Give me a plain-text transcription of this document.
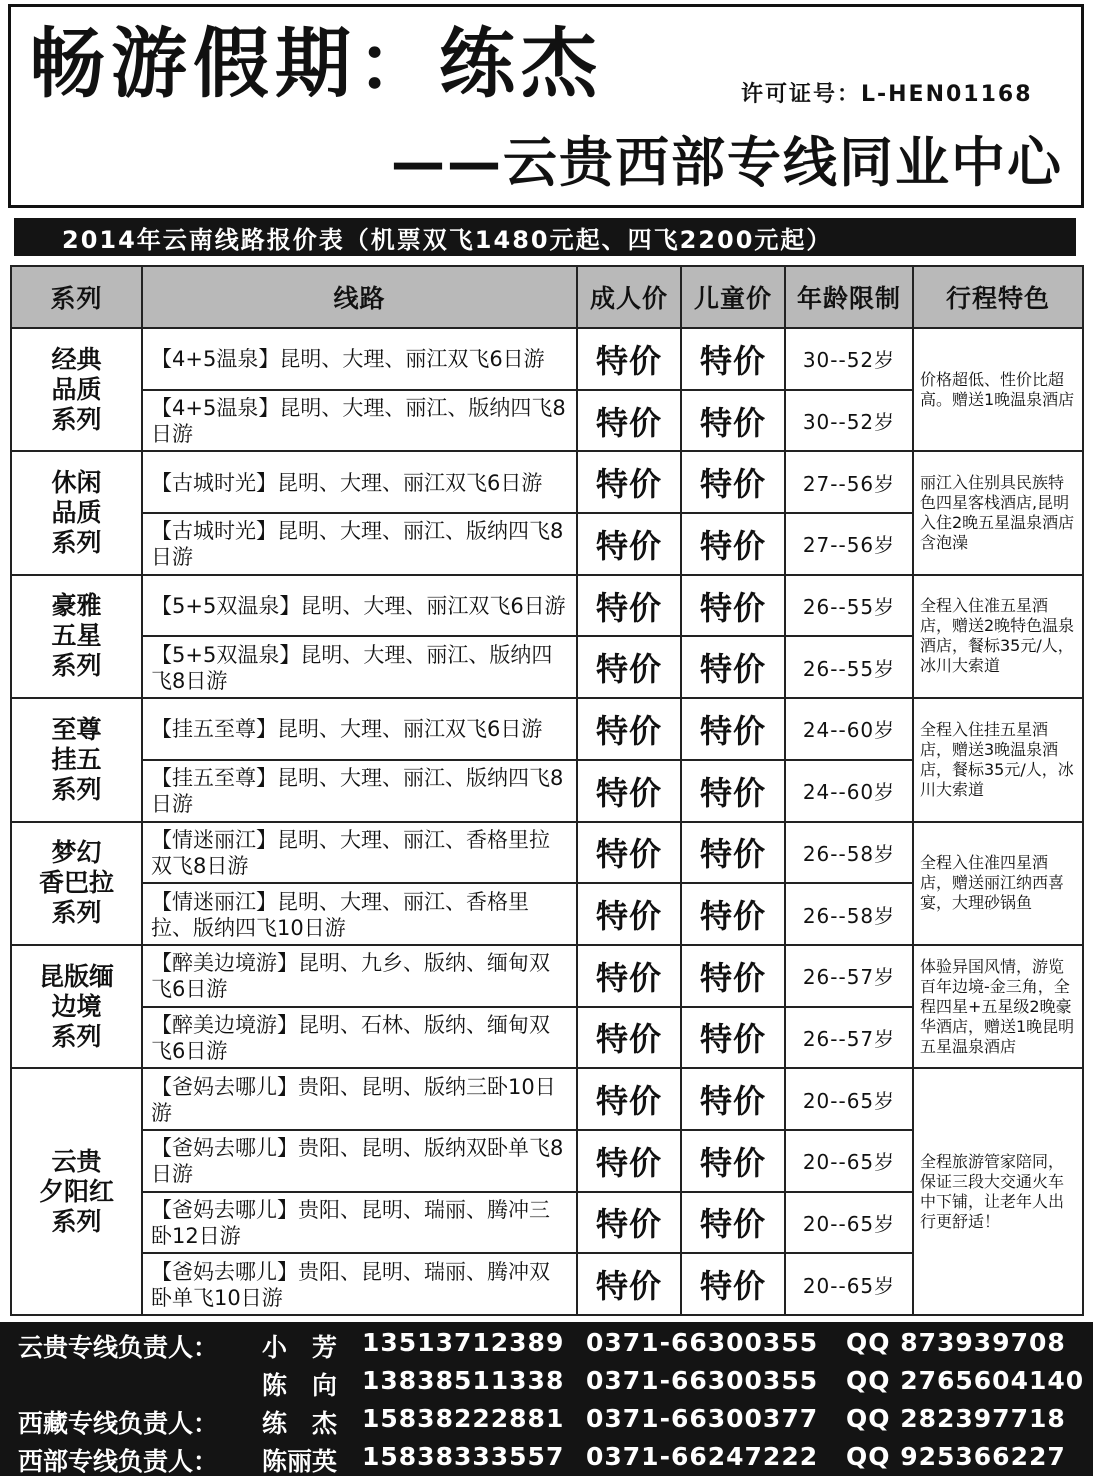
畅游假期：练杰	许可证号：L-HEN01168
——云贵西部专线同业中心
2014年云南线路报价表（机票双飞1480元起、四飞2200元起）
系列	线路	成人价	儿童价	年龄限制	行程特色
经典
品质
系列	【4+5温泉】昆明、大理、丽江双飞6日游	特价	特价	30--52岁	价格超低、性价比超高。赠送1晚温泉酒店
	【4+5温泉】昆明、大理、丽江、版纳四飞8日游	特价	特价	30--52岁	
休闲
品质
系列	【古城时光】昆明、大理、丽江双飞6日游	特价	特价	27--56岁	丽江入住别具民族特色四星客栈酒店,昆明入住2晚五星温泉酒店含泡澡
	【古城时光】昆明、大理、丽江、版纳四飞8日游	特价	特价	27--56岁	
豪雅
五星
系列	【5+5双温泉】昆明、大理、丽江双飞6日游	特价	特价	26--55岁	全程入住准五星酒店，赠送2晚特色温泉酒店，餐标35元/人，冰川大索道
	【5+5双温泉】昆明、大理、丽江、版纳四飞8日游	特价	特价	26--55岁	
至尊
挂五
系列	【挂五至尊】昆明、大理、丽江双飞6日游	特价	特价	24--60岁	全程入住挂五星酒店，赠送3晚温泉酒店，餐标35元/人，冰川大索道
	【挂五至尊】昆明、大理、丽江、版纳四飞8日游	特价	特价	24--60岁	
梦幻
香巴拉
系列	【情迷丽江】昆明、大理、丽江、香格里拉双飞8日游	特价	特价	26--58岁	全程入住准四星酒店，赠送丽江纳西喜宴，大理砂锅鱼
	【情迷丽江】昆明、大理、丽江、香格里拉、版纳四飞10日游	特价	特价	26--58岁	
昆版缅
边境
系列	【醉美边境游】昆明、九乡、版纳、缅甸双飞6日游	特价	特价	26--57岁	体验异国风情，游览百年边境-金三角，全程四星+五星级2晚豪华酒店，赠送1晚昆明五星温泉酒店
	【醉美边境游】昆明、石林、版纳、缅甸双飞6日游	特价	特价	26--57岁	
云贵
夕阳红
系列	【爸妈去哪儿】贵阳、昆明、版纳三卧10日游	特价	特价	20--65岁	全程旅游管家陪同，保证三段大交通火车中下铺，让老年人出行更舒适！
	【爸妈去哪儿】贵阳、昆明、版纳双卧单飞8日游	特价	特价	20--65岁	
	【爸妈去哪儿】贵阳、昆明、瑞丽、腾冲三卧12日游	特价	特价	20--65岁	
	【爸妈去哪儿】贵阳、昆明、瑞丽、腾冲双卧单飞10日游	特价	特价	20--65岁	
云贵专线负责人： 小　芳 13513712389 0371-66300355 QQ 873939708
陈　向 13838511338 0371-66300355 QQ 2765604140
西藏专线负责人： 练　杰 15838222881 0371-66300377 QQ 282397718
西部专线负责人： 陈丽英 15838333557 0371-66247222 QQ 925366227
